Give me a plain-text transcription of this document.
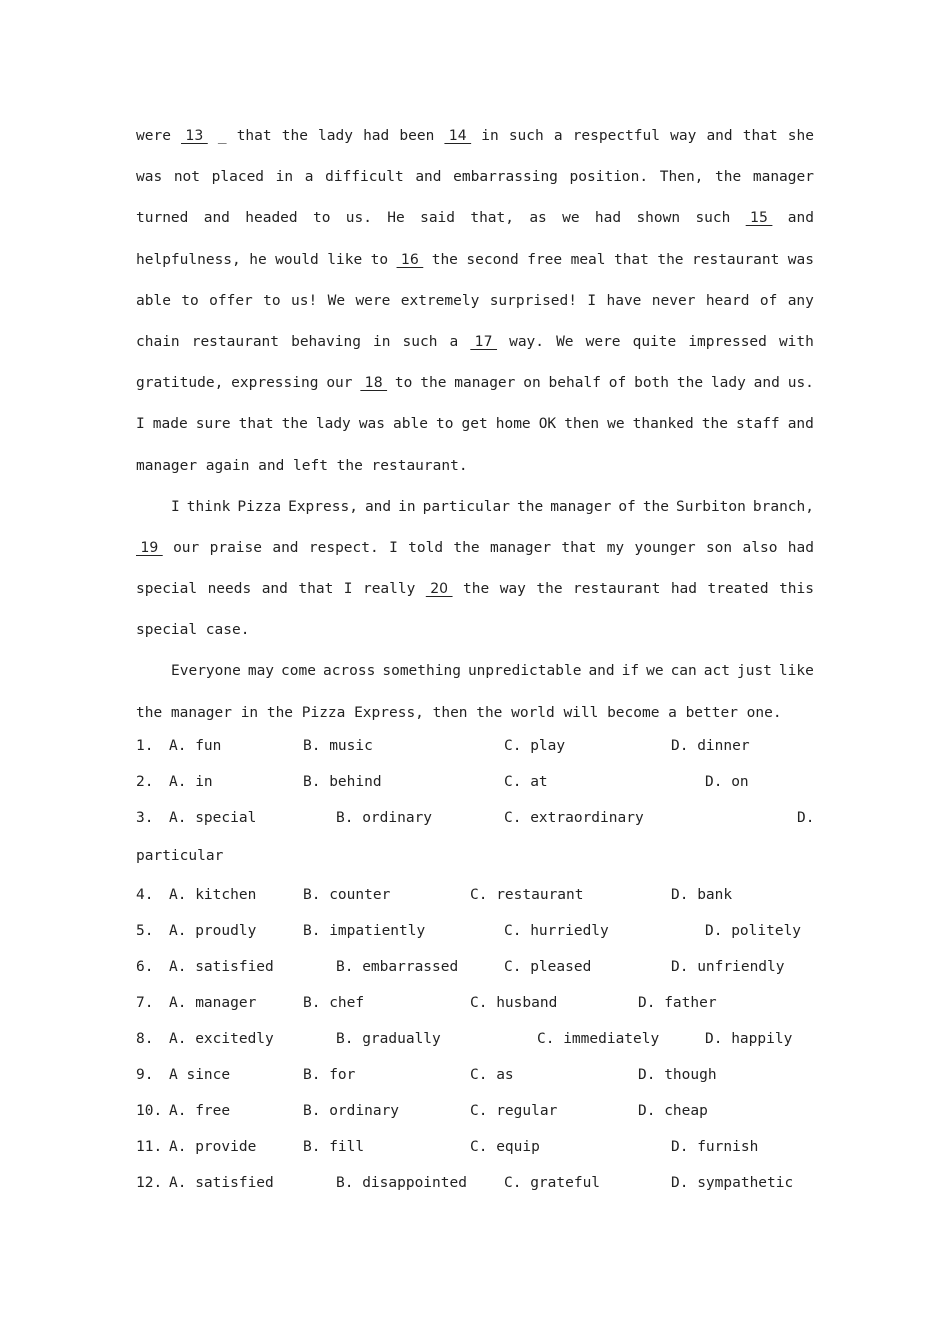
were 13 _ that the lady had been 14 in such a respectful way and that she
was not placed in a difficult and embarrassing position. Then, the manager
turned and headed to us. He said that, as we had shown such 15 and
helpfulness, he would like to 16 the second free meal that the restaurant was
able to offer to us! We were extremely surprised! I have never heard of any
chain restaurant behaving in such a 17 way. We were quite impressed with
gratitude, expressing our 18 to the manager on behalf of both the lady and us.
I made sure that the lady was able to get home OK then we thanked the staff and
manager again and left the restaurant.
I think Pizza Express, and in particular the manager of the Surbiton branch,
19 our praise and respect. I told the manager that my younger son also had
special needs and that I really 20 the way the restaurant had treated this
special case.
Everyone may come across something unpredictable and if we can act just like
the manager in the Pizza Express, then the world will become a better one.
1. A. fun	B. music	C. play	D. dinner
2. A. in	B. behind	C. at	D. on
3. A. special	B. ordinary	C. extraordinary	D.
particular
4. A. kitchen	B. counter	C. restaurant	D. bank
5. A. proudly	B. impatiently	C. hurriedly	D. politely
6. A. satisfied	B. embarrassed	C. pleased	D. unfriendly
7. A. manager	B. chef	C. husband	D. father
8. A. excitedly	B. gradually	C. immediately	D. happily
9. A since	B. for	C. as	D. though
10. A. free	B. ordinary	C. regular	D. cheap
11. A. provide	B. fill	C. equip	D. furnish
12. A. satisfied	B. disappointed	C. grateful	D. sympathetic
